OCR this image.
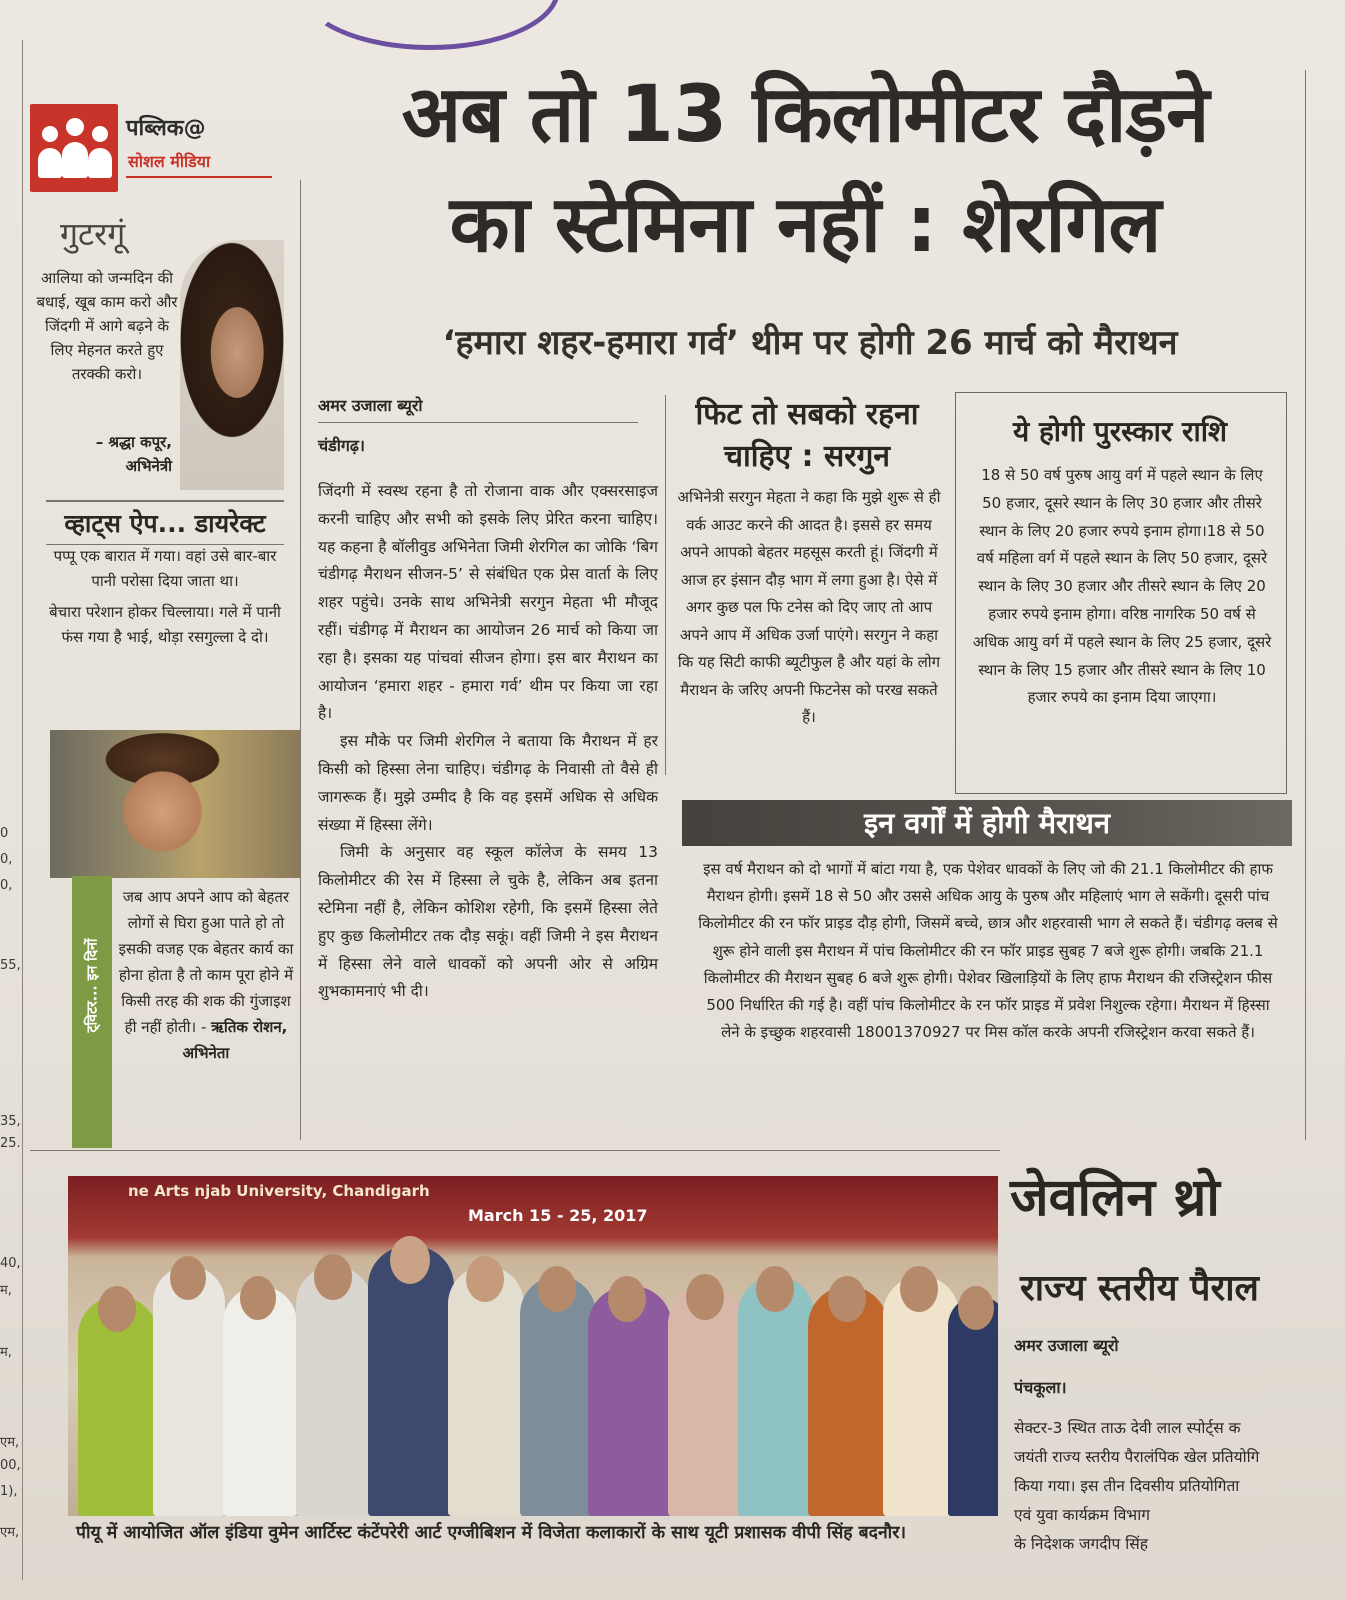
0
0,
0,
55,
35,
25.
40,
म,
म,
एम,
00,
1),
एम,
पब्लिक@
सोशल मीडिया
गुटरगूं
आलिया को जन्मदिन की बधाई, खूब काम करो और जिंदगी में आगे बढ़ने के लिए मेहनत करते हुए तरक्की करो।
– श्रद्धा कपूर, अभिनेत्री
व्हाट्स ऐप... डायरेक्ट
पप्पू एक बारात में गया। वहां उसे बार-बार पानी परोसा दिया जाता था।
बेचारा परेशान होकर चिल्लाया। गले में पानी फंस गया है भाई, थोड़ा रसगुल्ला दे दो।
ट्विटर... इन दिनों
जब आप अपने आप को बेहतर लोगों से घिरा हुआ पाते हो तो इसकी वजह एक बेहतर कार्य का होना होता है तो काम पूरा होने में किसी तरह की शक की गुंजाइश ही नहीं होती। - ऋतिक रोशन, अभिनेता
अब तो 13 किलोमीटर दौड़ने
का स्टेमिना नहीं : शेरगिल
‘हमारा शहर-हमारा गर्व’ थीम पर होगी 26 मार्च को मैराथन
अमर उजाला ब्यूरो
चंडीगढ़।

जिंदगी में स्वस्थ रहना है तो रोजाना वाक और एक्सरसाइज करनी चाहिए और सभी को इसके लिए प्रेरित करना चाहिए। यह कहना है बॉलीवुड अभिनेता जिमी शेरगिल का जोकि ‘बिग चंडीगढ़ मैराथन सीजन-5’ से संबंधित एक प्रेस वार्ता के लिए शहर पहुंचे। उनके साथ अभिनेत्री सरगुन मेहता भी मौजूद रहीं। चंडीगढ़ में मैराथन का आयोजन 26 मार्च को किया जा रहा है। इसका यह पांचवां सीजन होगा। इस बार मैराथन का आयोजन ‘हमारा शहर - हमारा गर्व’ थीम पर किया जा रहा है।

इस मौके पर जिमी शेरगिल ने बताया कि मैराथन में हर किसी को हिस्सा लेना चाहिए। चंडीगढ़ के निवासी तो वैसे ही जागरूक हैं। मुझे उम्मीद है कि वह इसमें अधिक से अधिक संख्या में हिस्सा लेंगे।

जिमी के अनुसार वह स्कूल कॉलेज के समय 13 किलोमीटर की रेस में हिस्सा ले चुके है, लेकिन अब इतना स्टेमिना नहीं है, लेकिन कोशिश रहेगी, कि इसमें हिस्सा लेते हुए कुछ किलोमीटर तक दौड़ सकूं। वहीं जिमी ने इस मैराथन में हिस्सा लेने वाले धावकों को अपनी ओर से अग्रिम शुभकामनाएं भी दी।

फिट तो सबको रहना चाहिए : सरगुन
अभिनेत्री सरगुन मेहता ने कहा कि मुझे शुरू से ही वर्क आउट करने की आदत है। इससे हर समय अपने आपको बेहतर महसूस करती हूं। जिंदगी में आज हर इंसान दौड़ भाग में लगा हुआ है। ऐसे में अगर कुछ पल फि टनेस को दिए जाए तो आप अपने आप में अधिक उर्जा पाएंगे। सरगुन ने कहा कि यह सिटी काफी ब्यूटीफुल है और यहां के लोग मैराथन के जरिए अपनी फिटनेस को परख सकते हैं।
ये होगी पुरस्कार राशि
18 से 50 वर्ष पुरुष आयु वर्ग में पहले स्थान के लिए 50 हजार, दूसरे स्थान के लिए 30 हजार और तीसरे स्थान के लिए 20 हजार रुपये इनाम होगा।18 से 50 वर्ष महिला वर्ग में पहले स्थान के लिए 50 हजार, दूसरे स्थान के लिए 30 हजार और तीसरे स्थान के लिए 20 हजार रुपये इनाम होगा। वरिष्ठ नागरिक 50 वर्ष से अधिक आयु वर्ग में पहले स्थान के लिए 25 हजार, दूसरे स्थान के लिए 15 हजार और तीसरे स्थान के लिए 10 हजार रुपये का इनाम दिया जाएगा।
इन वर्गों में होगी मैराथन
इस वर्ष मैराथन को दो भागों में बांटा गया है, एक पेशेवर धावकों के लिए जो की 21.1 किलोमीटर की हाफ मैराथन होगी। इसमें 18 से 50 और उससे अधिक आयु के पुरुष और महिलाएं भाग ले सकेंगी। दूसरी पांच किलोमीटर की रन फॉर प्राइड दौड़ होगी, जिसमें बच्चे, छात्र और शहरवासी भाग ले सकते हैं। चंडीगढ़ क्लब से शुरू होने वाली इस मैराथन में पांच किलोमीटर की रन फॉर प्राइड सुबह 7 बजे शुरू होगी। जबकि 21.1 किलोमीटर की मैराथन सुबह 6 बजे शुरू होगी। पेशेवर खिलाड़ियों के लिए हाफ मैराथन की रजिस्ट्रेशन फीस 500 निर्धारित की गई है। वहीं पांच किलोमीटर के रन फॉर प्राइड में प्रवेश निशुल्क रहेगा। मैराथन में हिस्सा लेने के इच्छुक शहरवासी 18001370927 पर मिस कॉल करके अपनी रजिस्ट्रेशन करवा सकते हैं।
ne Arts njab University, Chandigarh
March 15 - 25, 2017
पीयू में आयोजित ऑल इंडिया वुमेन आर्टिस्ट कंटेंपरेरी आर्ट एग्जीबिशन में विजेता कलाकारों के साथ यूटी प्रशासक वीपी सिंह बदनौर।
जेवलिन थ्रो
राज्य स्तरीय पैराल
अमर उजाला ब्यूरो
पंचकूला।
सेक्टर-3 स्थित ताऊ देवी लाल स्पोर्ट्स क
जयंती राज्य स्तरीय पैरालंपिक खेल प्रतियोगि
किया गया। इस तीन दिवसीय प्रतियोगिता
एवं युवा कार्यक्रम विभाग
के निदेशक जगदीप सिंह
